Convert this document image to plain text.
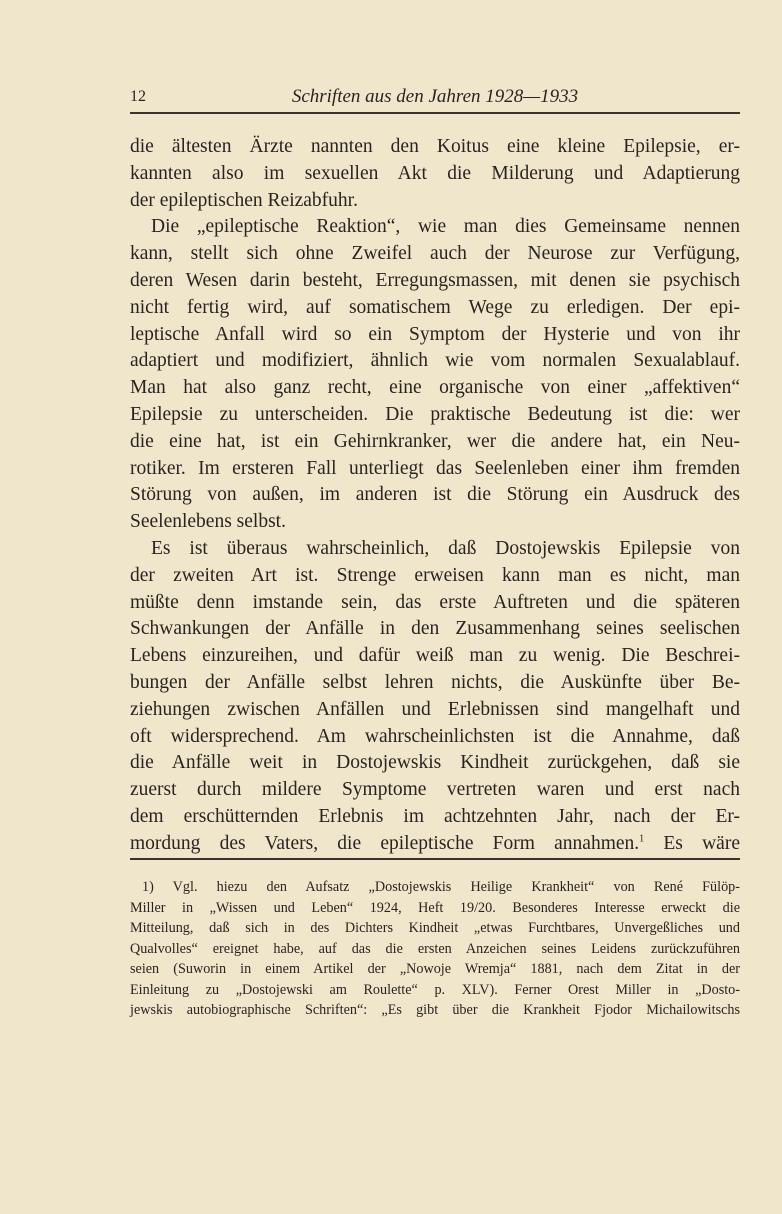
12	Schriften aus den Jahren 1928—1933
die ältesten Ärzte nannten den Koitus eine kleine Epilepsie, er-
kannten also im sexuellen Akt die Milderung und Adaptierung
der epileptischen Reizabfuhr.
Die „epileptische Reaktion“, wie man dies Gemeinsame nennen
kann, stellt sich ohne Zweifel auch der Neurose zur Verfügung,
deren Wesen darin besteht, Erregungsmassen, mit denen sie psychisch
nicht fertig wird, auf somatischem Wege zu erledigen. Der epi-
leptische Anfall wird so ein Symptom der Hysterie und von ihr
adaptiert und modifiziert, ähnlich wie vom normalen Sexualablauf.
Man hat also ganz recht, eine organische von einer „affektiven“
Epilepsie zu unterscheiden. Die praktische Bedeutung ist die: wer
die eine hat, ist ein Gehirnkranker, wer die andere hat, ein Neu-
rotiker. Im ersteren Fall unterliegt das Seelenleben einer ihm fremden
Störung von außen, im anderen ist die Störung ein Ausdruck des
Seelenlebens selbst.
Es ist überaus wahrscheinlich, daß Dostojewskis Epilepsie von
der zweiten Art ist. Strenge erweisen kann man es nicht, man
müßte denn imstande sein, das erste Auftreten und die späteren
Schwankungen der Anfälle in den Zusammenhang seines seelischen
Lebens einzureihen, und dafür weiß man zu wenig. Die Beschrei-
bungen der Anfälle selbst lehren nichts, die Auskünfte über Be-
ziehungen zwischen Anfällen und Erlebnissen sind mangelhaft und
oft widersprechend. Am wahrscheinlichsten ist die Annahme, daß
die Anfälle weit in Dostojewskis Kindheit zurückgehen, daß sie
zuerst durch mildere Symptome vertreten waren und erst nach
dem erschütternden Erlebnis im achtzehnten Jahr, nach der Er-
mordung des Vaters, die epileptische Form annahmen.$^1$ Es wäre
1) Vgl. hiezu den Aufsatz „Dostojewskis Heilige Krankheit“ von René Fülöp-
Miller in „Wissen und Leben“ 1924, Heft 19/20. Besonderes Interesse erweckt die
Mitteilung, daß sich in des Dichters Kindheit „etwas Furchtbares, Unvergeßliches und
Qualvolles“ ereignet habe, auf das die ersten Anzeichen seines Leidens zurückzuführen
seien (Suworin in einem Artikel der „Nowoje Wremja“ 1881, nach dem Zitat in der
Einleitung zu „Dostojewski am Roulette“ p. XLV). Ferner Orest Miller in „Dosto-
jewskis autobiographische Schriften“: „Es gibt über die Krankheit Fjodor Michailowitschs
